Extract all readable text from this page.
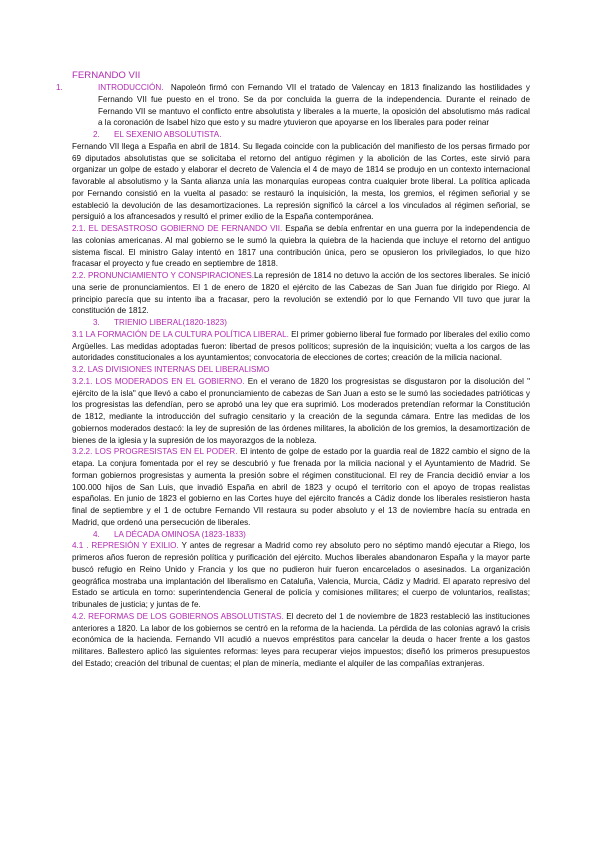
FERNANDO VII

1.	INTRODUCCIÓN. Napoleón firmó con Fernando VII el tratado de Valencay en 1813 finalizando las hostilidades y Fernando VII fue puesto en el trono. Se da por concluida la guerra de la independencia. Durante el reinado de Fernando VII se mantuvo el conflicto entre absolutista y liberales a la muerte, la oposición del absolutismo más radical a la coronación de Isabel hizo que esto y su madre ytuvieron que apoyarse en los liberales para poder reinar

2. EL SEXENIO ABSOLUTISTA.

Fernando VII llega a España en abril de 1814. Su llegada coincide con la publicación del manifiesto de los persas firmado por 69 diputados absolutistas que se solicitaba el retorno del antiguo régimen y la abolición de las Cortes, este sirvió para organizar un golpe de estado y elaborar el decreto de Valencia el 4 de mayo de 1814 se produjo en un contexto internacional favorable al absolutismo y la Santa alianza unía las monarquías europeas contra cualquier brote liberal. La política aplicada por Fernando consistió en la vuelta al pasado: se restauró la inquisición, la mesta, los gremios, el régimen señorial y se estableció la devolución de las desamortizaciones. La represión significó la cárcel a los vinculados al régimen señorial, se persiguió a los afrancesados y resultó el primer exilio de la España contemporánea.

2.1. EL DESASTROSO GOBIERNO DE FERNANDO VII. España se debía enfrentar en una guerra por la independencia de las colonias americanas. Al mal gobierno se le sumó la quiebra la quiebra de la hacienda que incluye el retorno del antiguo sistema fiscal. El ministro Galay intentó en 1817 una contribución única, pero se opusieron los privilegiados, lo que hizo fracasar el proyecto y fue creado en septiembre de 1818.

2.2. PRONUNCIAMIENTO Y CONSPIRACIONES.La represión de 1814 no detuvo la acción de los sectores liberales. Se inició una serie de pronunciamientos. El 1 de enero de 1820 el ejército de las Cabezas de San Juan fue dirigido por Riego. Al principio parecía que su intento iba a fracasar, pero la revolución se extendió por lo que Fernando VII tuvo que jurar la constitución de 1812.

3. TRIENIO LIBERAL(1820-1823)

3.1 LA FORMACIÓN DE LA CULTURA POLÍTICA LIBERAL. El primer gobierno liberal fue formado por liberales del exilio como Argüelles. Las medidas adoptadas fueron: libertad de presos políticos; supresión de la inquisición; vuelta a los cargos de las autoridades constitucionales a los ayuntamientos; convocatoria de elecciones de cortes; creación de la milicia nacional.

3.2. LAS DIVISIONES INTERNAS DEL LIBERALISMO

3.2.1. LOS MODERADOS EN EL GOBIERNO. En el verano de 1820 los progresistas se disgustaron por la disolución del " ejército de la isla" que llevó a cabo el pronunciamiento de cabezas de San Juan a esto se le sumó las sociedades patrióticas y los progresistas las defendían, pero se aprobó una ley que era suprimió. Los moderados pretendían reformar la Constitución de 1812, mediante la introducción del sufragio censitario y la creación de la segunda cámara. Entre las medidas de los gobiernos moderados destacó: la ley de supresión de las órdenes militares, la abolición de los gremios, la desamortización de bienes de la iglesia y la supresión de los mayorazgos de la nobleza.

3.2.2. LOS PROGRESISTAS EN EL PODER. El intento de golpe de estado por la guardia real de 1822 cambio el signo de la etapa. La conjura fomentada por el rey se descubrió y fue frenada por la milicia nacional y el Ayuntamiento de Madrid. Se forman gobiernos progresistas y aumenta la presión sobre el régimen constitucional. El rey de Francia decidió enviar a los 100.000 hijos de San Luis, que invadió España en abril de 1823 y ocupó el territorio con el apoyo de tropas realistas españolas. En junio de 1823 el gobierno en las Cortes huye del ejército francés a Cádiz donde los liberales resistieron hasta final de septiembre y el 1 de octubre Fernando VII restaura su poder absoluto y el 13 de noviembre hacía su entrada en Madrid, que ordenó una persecución de liberales.

4. LA DÉCADA OMINOSA (1823-1833)

4.1 . REPRESIÓN Y EXILIO. Y antes de regresar a Madrid como rey absoluto pero no séptimo mandó ejecutar a Riego, los primeros años fueron de represión política y purificación del ejército. Muchos liberales abandonaron España y la mayor parte buscó refugio en Reino Unido y Francia y los que no pudieron huir fueron encarcelados o asesinados. La organización geográfica mostraba una implantación del liberalismo en Cataluña, Valencia, Murcia, Cádiz y Madrid. El aparato represivo del Estado se articula en torno: superintendencia General de policía y comisiones militares; el cuerpo de voluntarios, realistas; tribunales de justicia; y juntas de fe.

4.2. REFORMAS DE LOS GOBIERNOS ABSOLUTISTAS. El decreto del 1 de noviembre de 1823 restableció las instituciones anteriores a 1820. La labor de los gobiernos se centró en la reforma de la hacienda. La pérdida de las colonias agravó la crisis económica de la hacienda. Fernando VII acudió a nuevos empréstitos para cancelar la deuda o hacer frente a los gastos militares. Ballestero aplicó las siguientes reformas: leyes para recuperar viejos impuestos; diseñó los primeros presupuestos del Estado; creación del tribunal de cuentas; el plan de minería, mediante el alquiler de las compañías extranjeras.
